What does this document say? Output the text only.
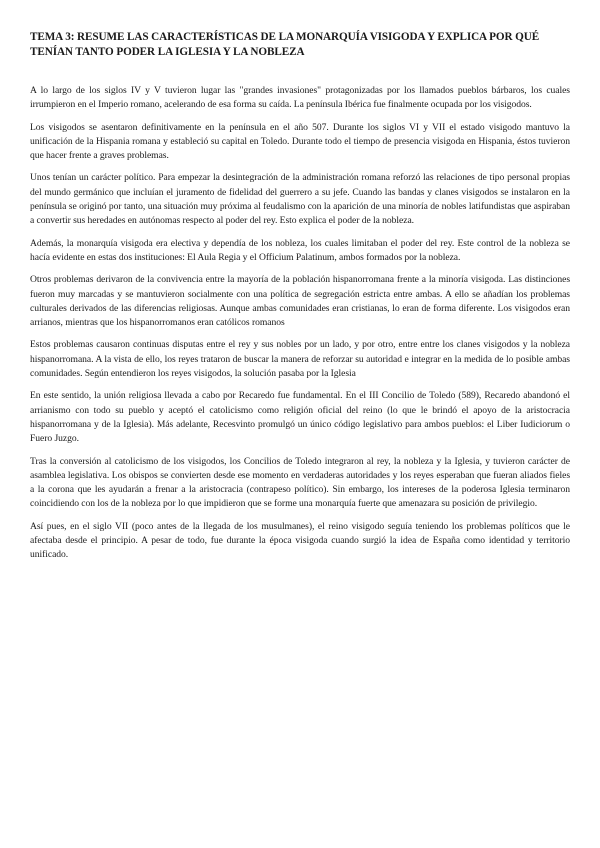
TEMA 3: RESUME LAS CARACTERÍSTICAS DE LA MONARQUÍA VISIGODA Y EXPLICA POR QUÉ TENÍAN TANTO PODER LA IGLESIA Y LA NOBLEZA

A lo largo de los siglos IV y V tuvieron lugar las "grandes invasiones" protagonizadas por los llamados pueblos bárbaros, los cuales irrumpieron en el Imperio romano, acelerando de esa forma su caída. La península Ibérica fue finalmente ocupada por los visigodos.

Los visigodos se asentaron definitivamente en la península en el año 507. Durante los siglos VI y VII el estado visigodo mantuvo la unificación de la Hispania romana y estableció su capital en Toledo. Durante todo el tiempo de presencia visigoda en Hispania, éstos tuvieron que hacer frente a graves problemas.

Unos tenían un carácter político. Para empezar la desintegración de la administración romana reforzó las relaciones de tipo personal propias del mundo germánico que incluían el juramento de fidelidad del guerrero a su jefe. Cuando las bandas y clanes visigodos se instalaron en la península se originó por tanto, una situación muy próxima al feudalismo con la aparición de una minoría de nobles latifundistas que aspiraban a convertir sus heredades en autónomas respecto al poder del rey. Esto explica el poder de la nobleza.

Además, la monarquía visigoda era electiva y dependía de los nobleza, los cuales limitaban el poder del rey. Este control de la nobleza se hacía evidente en estas dos instituciones: El Aula Regia y el Officium Palatinum, ambos formados por la nobleza.

Otros problemas derivaron de la convivencia entre la mayoría de la población hispanorromana frente a la minoría visigoda. Las distinciones fueron muy marcadas y se mantuvieron socialmente con una política de segregación estricta entre ambas. A ello se añadían los problemas culturales derivados de las diferencias religiosas. Aunque ambas comunidades eran cristianas, lo eran de forma diferente. Los visigodos eran arrianos, mientras que los hispanorromanos eran católicos romanos

Estos problemas causaron continuas disputas entre el rey y sus nobles por un lado, y por otro, entre entre los clanes visigodos y la nobleza hispanorromana. A la vista de ello, los reyes trataron de buscar la manera de reforzar su autoridad e integrar en la medida de lo posible ambas comunidades. Según entendieron los reyes visigodos, la solución pasaba por la Iglesia

En este sentido, la unión religiosa llevada a cabo por Recaredo fue fundamental. En el III Concilio de Toledo (589), Recaredo abandonó el arrianismo con todo su pueblo y aceptó el catolicismo como religión oficial del reino (lo que le brindó el apoyo de la aristocracia hispanorromana y de la Iglesia). Más adelante, Recesvinto promulgó un único código legislativo para ambos pueblos: el Liber Iudiciorum o Fuero Juzgo.

Tras la conversión al catolicismo de los visigodos, los Concilios de Toledo integraron al rey, la nobleza y la Iglesia, y tuvieron carácter de asamblea legislativa. Los obispos se convierten desde ese momento en verdaderas autoridades y los reyes esperaban que fueran aliados fieles a la corona que les ayudarán a frenar a la aristocracia (contrapeso político). Sin embargo, los intereses de la poderosa Iglesia terminaron coincidiendo con los de la nobleza por lo que impidieron que se forme una monarquía fuerte que amenazara su posición de privilegio.

Así pues, en el siglo VII (poco antes de la llegada de los musulmanes), el reino visigodo seguía teniendo los problemas políticos que le afectaba desde el principio. A pesar de todo, fue durante la época visigoda cuando surgió la idea de España como identidad y territorio unificado.
